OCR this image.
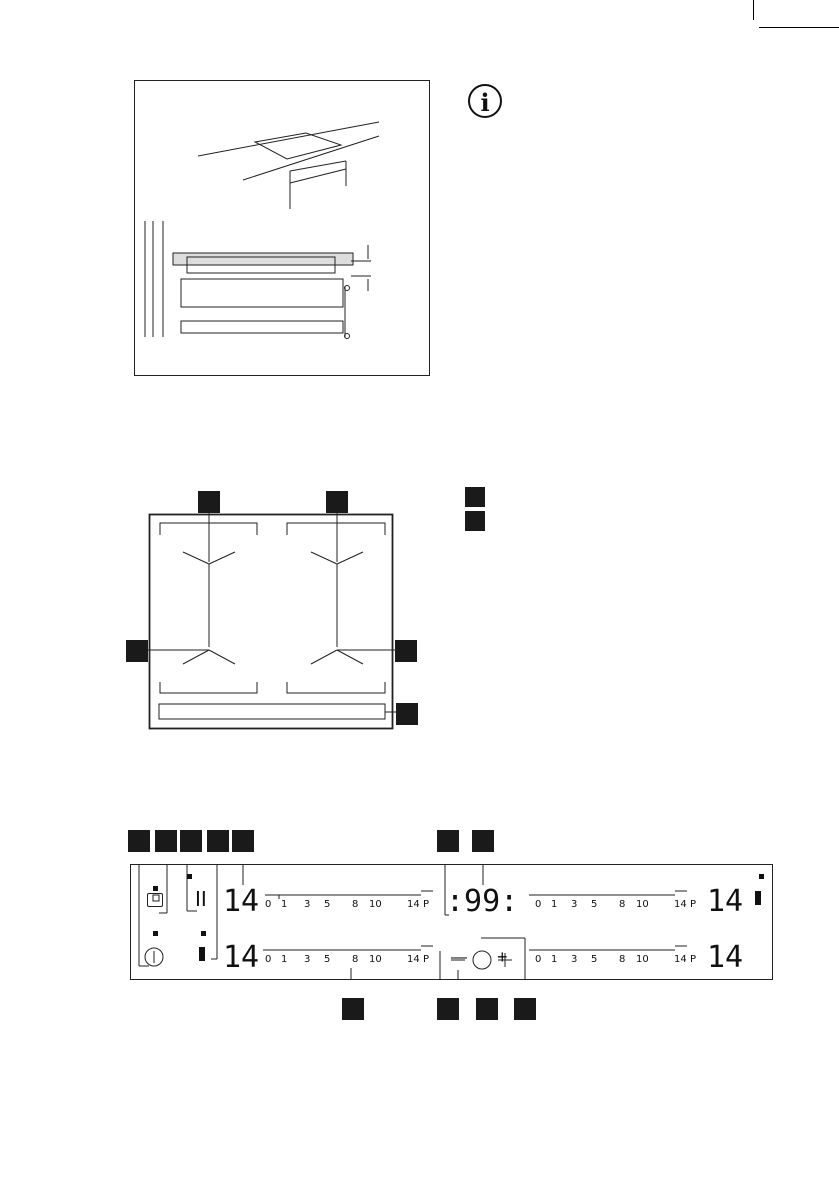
i
II 14
14
:99:	14
14
— +
0 1 3 5 8 10	14 P
0 1 3 5 8 10	14 P
0 1 3 5 8 10	14 P
0 1 3 5 8 10	14 P
